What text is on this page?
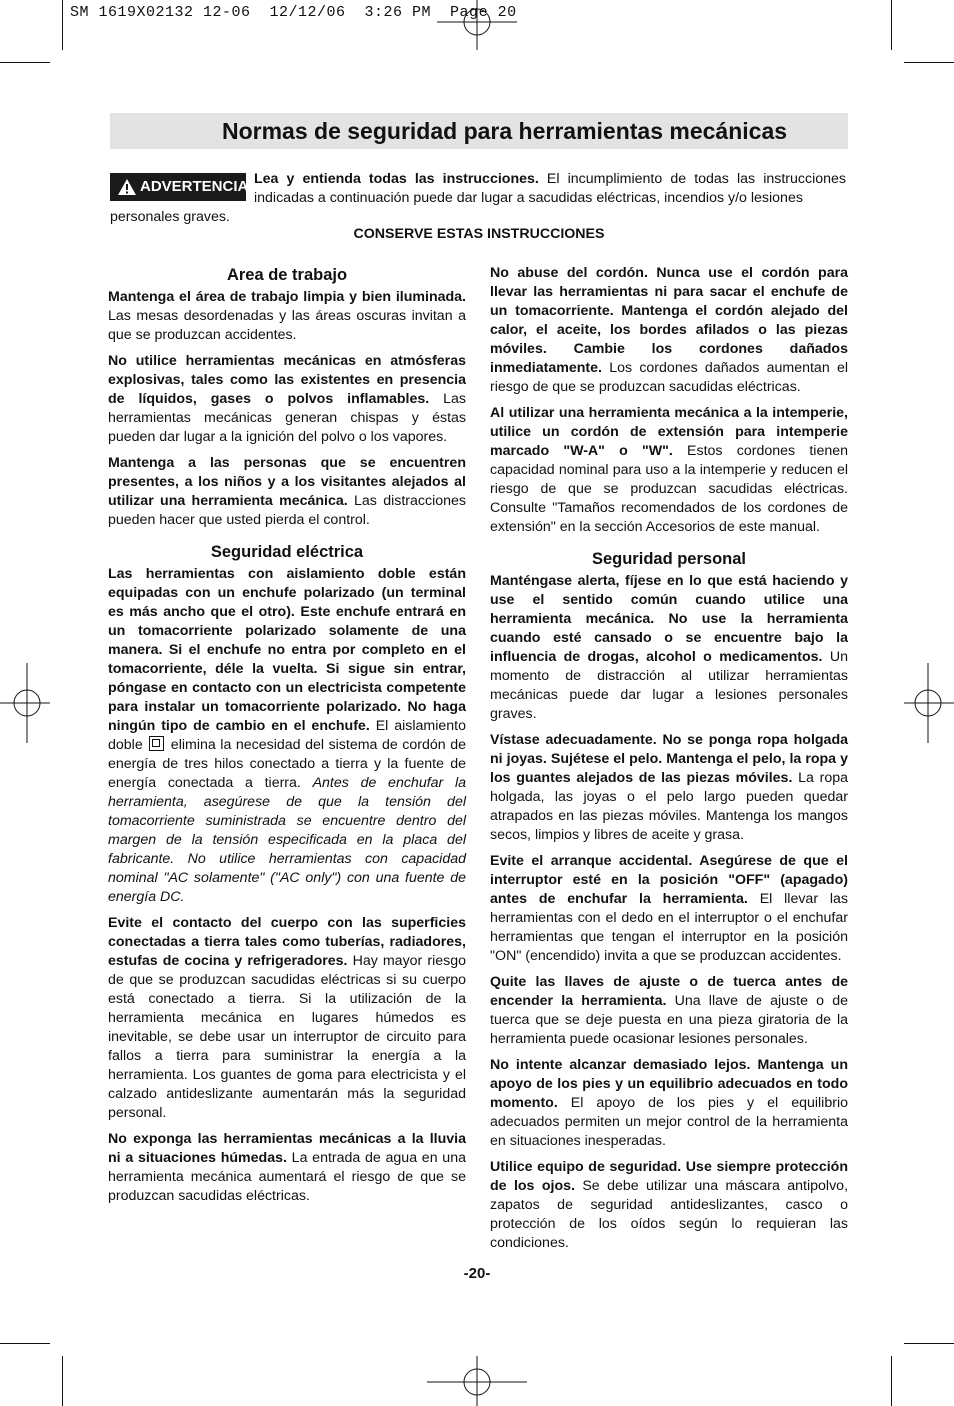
SM 1619X02132 12-06  12/12/06  3:26 PM  Page 20
Normas de seguridad para herramientas mecánicas
ADVERTENCIA Lea y entienda todas las instrucciones. El incumplimiento de todas las instrucciones indicadas a continuación puede dar lugar a sacudidas eléctricas, incendios y/o lesiones

personales graves.

CONSERVE ESTAS INSTRUCCIONES

Area de trabajo

Mantenga el área de trabajo limpia y bien iluminada. Las mesas desordenadas y las áreas oscuras invitan a que se produzcan accidentes.

No utilice herramientas mecánicas en atmósferas explosivas, tales como las existentes en presencia de líquidos, gases o polvos inflamables. Las herramientas mecánicas generan chispas y éstas pueden dar lugar a la ignición del polvo o los vapores.

Mantenga a las personas que se encuentren presentes, a los niños y a los visitantes alejados al utilizar una herramienta mecánica. Las distracciones pueden hacer que usted pierda el control.

Seguridad eléctrica

Las herramientas con aislamiento doble están equipadas con un enchufe polarizado (un terminal es más ancho que el otro). Este enchufe entrará en un tomacorriente polarizado solamente de una manera. Si el enchufe no entra por completo en el tomacorriente, déle la vuelta. Si sigue sin entrar, póngase en contacto con un electricista competente para instalar un tomacorriente polarizado. No haga ningún tipo de cambio en el enchufe. El aislamiento doble  elimina la necesidad del sistema de cordón de energía de tres hilos conectado a tierra y la fuente de energía conectada a tierra. Antes de enchufar la herramienta, asegúrese de que la tensión del tomacorriente suministrada se encuentre dentro del margen de la tensión especificada en la placa del fabricante. No utilice herramientas con capacidad nominal "AC solamente" ("AC only") con una fuente de energía DC.

Evite el contacto del cuerpo con las superficies conectadas a tierra tales como tuberías, radiadores, estufas de cocina y refrigeradores. Hay mayor riesgo de que se produzcan sacudidas eléctricas si su cuerpo está conectado a tierra. Si la utilización de la herramienta mecánica en lugares húmedos es inevitable, se debe usar un interruptor de circuito para fallos a tierra para suministrar la energía a la herramienta. Los guantes de goma para electricista y el calzado antideslizante aumentarán más la seguridad personal.

No exponga las herramientas mecánicas a la lluvia ni a situaciones húmedas. La entrada de agua en una herramienta mecánica aumentará el riesgo de que se produzcan sacudidas eléctricas.

No abuse del cordón. Nunca use el cordón para llevar las herramientas ni para sacar el enchufe de un tomacorriente. Mantenga el cordón alejado del calor, el aceite, los bordes afilados o las piezas móviles. Cambie los cordones dañados inmediatamente. Los cordones dañados aumentan el riesgo de que se produzcan sacudidas eléctricas.

Al utilizar una herramienta mecánica a la intemperie, utilice un cordón de extensión para intemperie marcado "W-A" o "W". Estos cordones tienen capacidad nominal para uso a la intemperie y reducen el riesgo de que se produzcan sacudidas eléctricas. Consulte "Tamaños recomendados de los cordones de extensión" en la sección Accesorios de este manual.

Seguridad personal

Manténgase alerta, fíjese en lo que está haciendo y use el sentido común cuando utilice una herramienta mecánica. No use la herramienta cuando esté cansado o se encuentre bajo la influencia de drogas, alcohol o medicamentos. Un momento de distracción al utilizar herramientas mecánicas puede dar lugar a lesiones personales graves.

Vístase adecuadamente. No se ponga ropa holgada ni joyas. Sujétese el pelo. Mantenga el pelo, la ropa y los guantes alejados de las piezas móviles. La ropa holgada, las joyas o el pelo largo pueden quedar atrapados en las piezas móviles. Mantenga los mangos secos, limpios y libres de aceite y grasa.

Evite el arranque accidental. Asegúrese de que el interruptor esté en la posición "OFF" (apagado) antes de enchufar la herramienta. El llevar las herramientas con el dedo en el interruptor o el enchufar herramientas que tengan el interruptor en la posición "ON" (encendido) invita a que se produzcan accidentes.

Quite las llaves de ajuste o de tuerca antes de encender la herramienta. Una llave de ajuste o de tuerca que se deje puesta en una pieza giratoria de la herramienta puede ocasionar lesiones personales.

No intente alcanzar demasiado lejos. Mantenga un apoyo de los pies y un equilibrio adecuados en todo momento. El apoyo de los pies y el equilibrio adecuados permiten un mejor control de la herramienta en situaciones inesperadas.

Utilice equipo de seguridad. Use siempre protección de los ojos. Se debe utilizar una máscara antipolvo, zapatos de seguridad antideslizantes, casco o protección de los oídos según lo requieran las condiciones.

-20-
